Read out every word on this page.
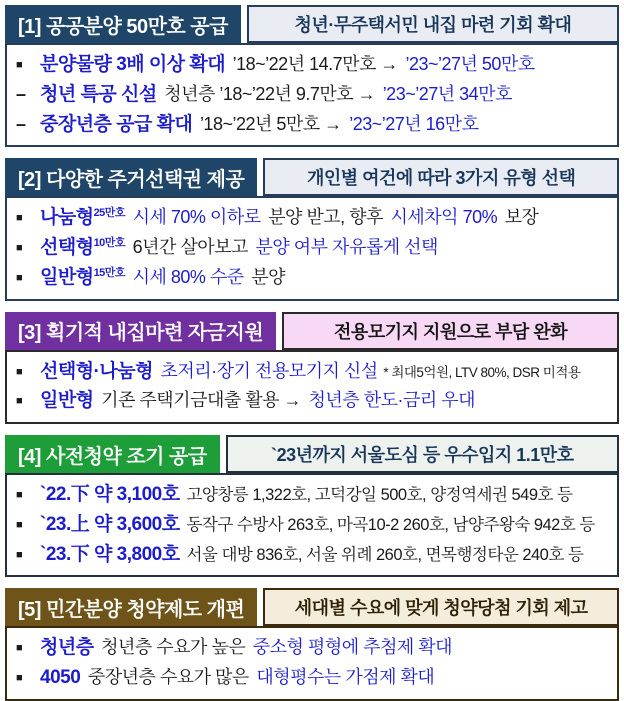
[1] 공공분양 50만호 공급	청년·무주택서민 내집 마련 기회 확대
■ 분양물량 3배 이상 확대 ’18~’22년 14.7만호 → ’23~’27년 50만호
– 청년 특공 신설 청년층 ’18~’22년 9.7만호 → ’23~’27년 34만호
– 중장년층 공급 확대 ’18~’22년 5만호 → ’23~’27년 16만호
[2] 다양한 주거선택권 제공	개인별 여건에 따라 3가지 유형 선택
■ 나눔형$^{25만호}$ 시세 70% 이하로 분양 받고, 향후 시세차익 70% 보장
■ 선택형$^{10만호}$ 6년간 살아보고 분양 여부 자유롭게 선택
■ 일반형$^{15만호}$ 시세 80% 수준 분양
[3] 획기적 내집마련 자금지원	전용모기지 지원으로 부담 완화
■ 선택형·나눔형 초저리·장기 전용모기지 신설 * 최대5억원, LTV 80%, DSR 미적용
■ 일반형 기존 주택기금대출 활용 → 청년층 한도·금리 우대
[4] 사전청약 조기 공급	`23년까지 서울도심 등 우수입지 1.1만호
■ `22.下 약 3,100호 고양창릉 1,322호, 고덕강일 500호, 양정역세권 549호 등
■ `23.上 약 3,600호 동작구 수방사 263호, 마곡10-2 260호, 남양주왕숙 942호 등
■ `23.下 약 3,800호 서울 대방 836호, 서울 위례 260호, 면목행정타운 240호 등
[5] 민간분양 청약제도 개편	세대별 수요에 맞게 청약당첨 기회 제고
■ 청년층 청년층 수요가 높은 중소형 평형에 추첨제 확대
■ 4050 중장년층 수요가 많은 대형평수는 가점제 확대
